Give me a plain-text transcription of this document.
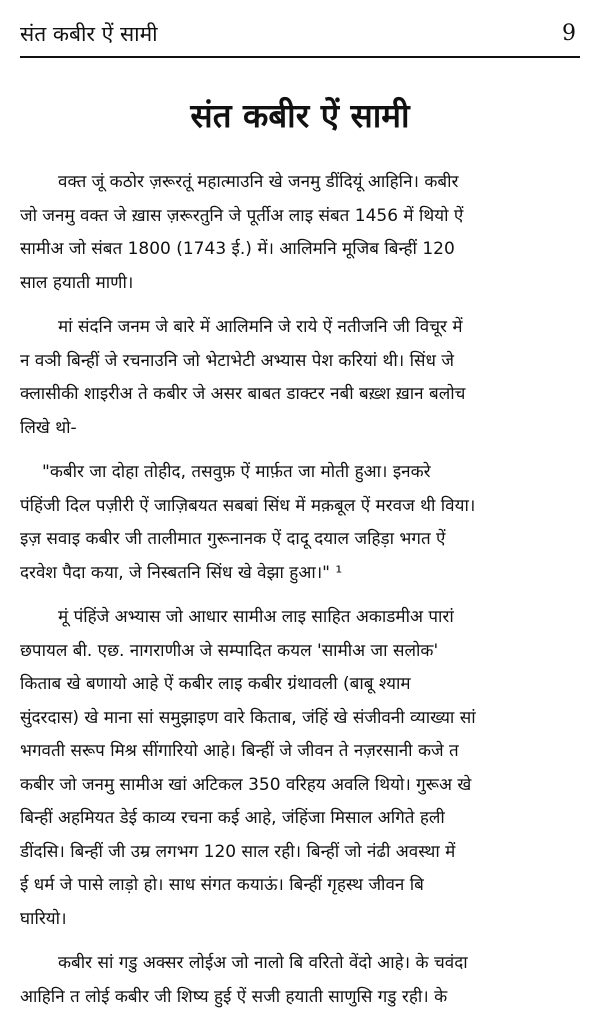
संत कबीर ऐं सामी	9
संत कबीर ऐं सामी

वक्त जूं कठोर ज़रूरतूं महात्माउनि खे जनमु डींदियूं आहिनि। कबीर
जो जनमु वक्त जे ख़ास ज़रूरतुनि जे पूर्तीअ लाइ संबत 1456 में थियो ऐं
सामीअ जो संबत 1800 (1743 ई.) में। आलिमनि मूजिब बिन्हीं 120
साल हयाती माणी।

मां संदनि जनम जे बारे में आलिमनि जे राये ऐं नतीजनि जी विचूर में
न वञी बिन्हीं जे रचनाउनि जो भेटाभेटी अभ्यास पेश करियां थी। सिंध जे
क्लासीकी शाइरीअ ते कबीर जे असर बाबत डाक्टर नबी बख़्श ख़ान बलोच
लिखे थो-

"कबीर जा दोहा तोहीद, तसवुफ़ ऐं मार्फ़त जा मोती हुआ। इनकरे
पंहिंजी दिल पज़ीरी ऐं जाज़िबयत सबबां सिंध में मक़बूल ऐं मरवज थी विया।
इज़ सवाइ कबीर जी तालीमात गुरूनानक ऐं दादू दयाल जहिड़ा भगत ऐं
दरवेश पैदा कया, जे निस्बतनि सिंध खे वेझा हुआ।" ¹

मूं पंहिंजे अभ्यास जो आधार सामीअ लाइ साहित अकाडमीअ पारां
छपायल बी. एछ. नागराणीअ जे सम्पादित कयल 'सामीअ जा सलोक'
किताब खे बणायो आहे ऐं कबीर लाइ कबीर ग्रंथावली (बाबू श्याम
सुंदरदास) खे माना सां समुझाइण वारे किताब, जंहिं खे संजीवनी व्याख्या सां
भगवती सरूप मिश्र सींगारियो आहे। बिन्हीं जे जीवन ते नज़रसानी कजे त
कबीर जो जनमु सामीअ खां अटिकल 350 वरिहय अवलि थियो। गुरूअ खे
बिन्हीं अहमियत डेई काव्य रचना कई आहे, जंहिंजा मिसाल अगिते हली
डींदसि। बिन्हीं जी उम्र लगभग 120 साल रही। बिन्हीं जो नंढी अवस्था में
ई धर्म जे पासे लाड़ो हो। साध संगत कयाऊं। बिन्हीं गृहस्थ जीवन बि
घारियो।

कबीर सां गडु अक्सर लोईअ जो नालो बि वरितो वेंदो आहे। के चवंदा
आहिनि त लोई कबीर जी शिष्य हुई ऐं सजी हयाती साणुसि गडु रही। के
